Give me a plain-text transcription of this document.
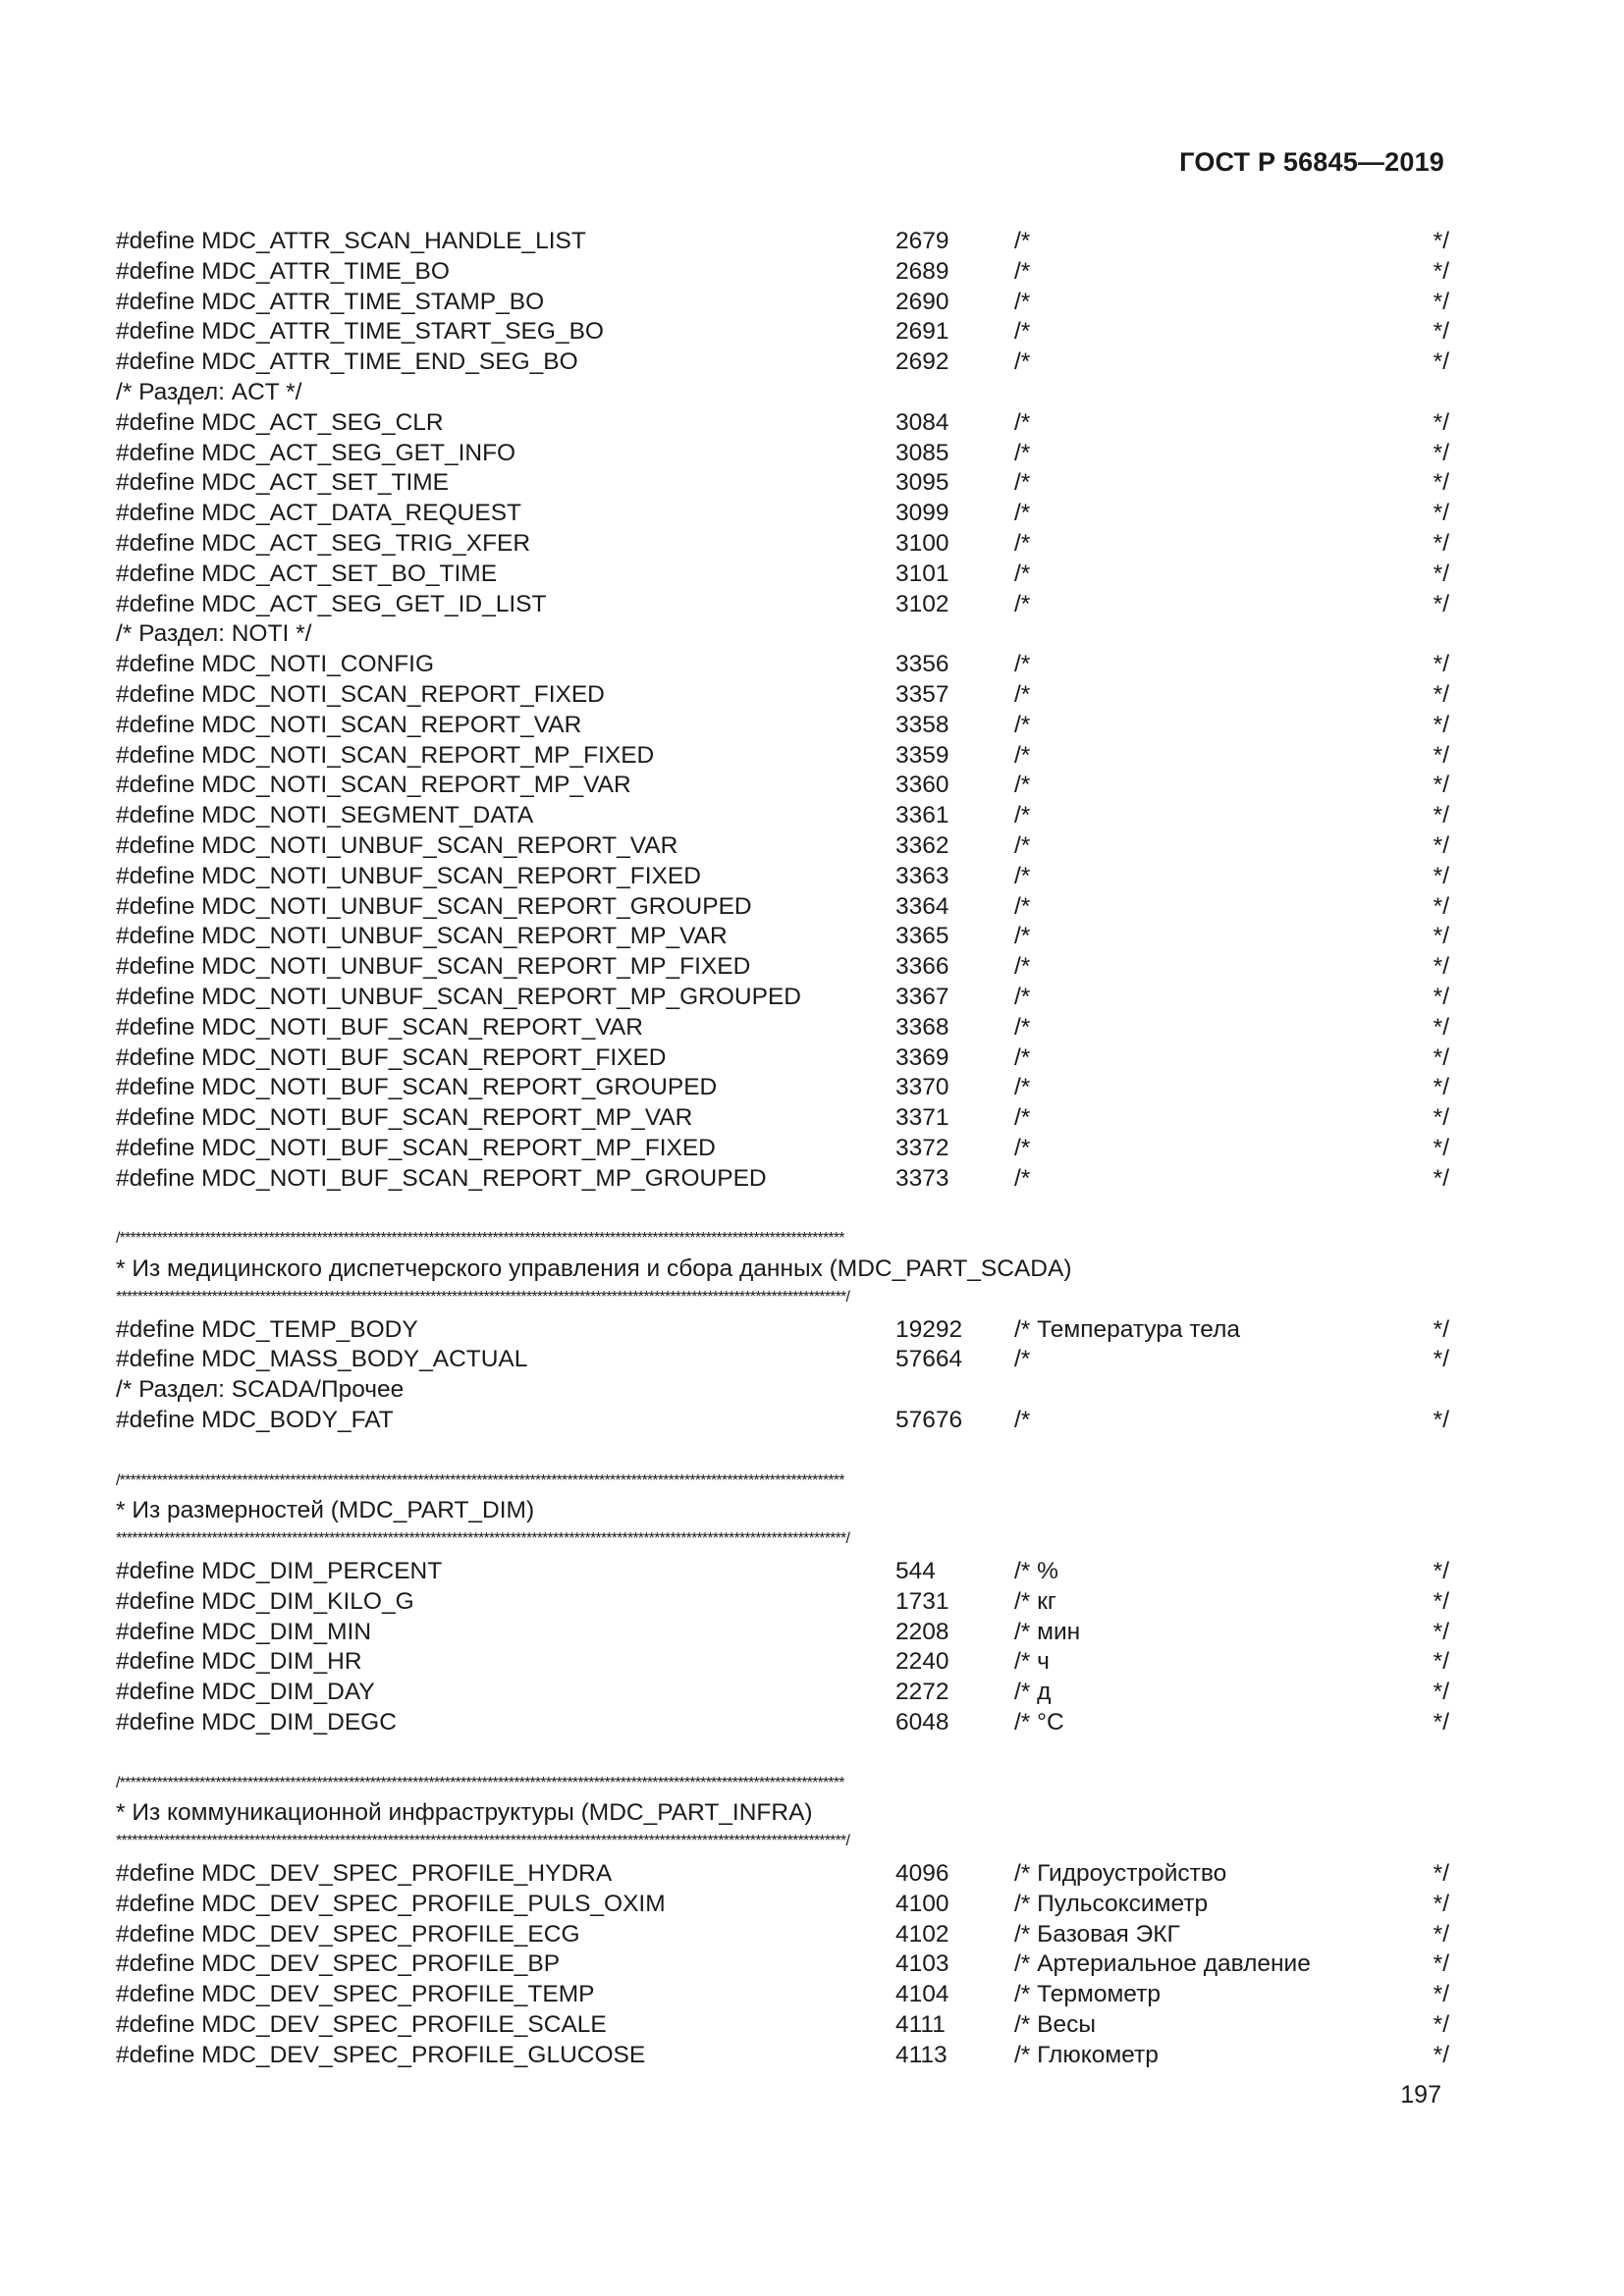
ГОСТ Р 56845—2019
#define MDC_ATTR_SCAN_HANDLE_LIST	2679	/*	*/
#define MDC_ATTR_TIME_BO	2689	/*	*/
#define MDC_ATTR_TIME_STAMP_BO	2690	/*	*/
#define MDC_ATTR_TIME_START_SEG_BO	2691	/*	*/
#define MDC_ATTR_TIME_END_SEG_BO	2692	/*	*/
/* Раздел: ACT */
#define MDC_ACT_SEG_CLR	3084	/*	*/
#define MDC_ACT_SEG_GET_INFO	3085	/*	*/
#define MDC_ACT_SET_TIME	3095	/*	*/
#define MDC_ACT_DATA_REQUEST	3099	/*	*/
#define MDC_ACT_SEG_TRIG_XFER	3100	/*	*/
#define MDC_ACT_SET_BO_TIME	3101	/*	*/
#define MDC_ACT_SEG_GET_ID_LIST	3102	/*	*/
/* Раздел: NOTI */
#define MDC_NOTI_CONFIG	3356	/*	*/
#define MDC_NOTI_SCAN_REPORT_FIXED	3357	/*	*/
#define MDC_NOTI_SCAN_REPORT_VAR	3358	/*	*/
#define MDC_NOTI_SCAN_REPORT_MP_FIXED	3359	/*	*/
#define MDC_NOTI_SCAN_REPORT_MP_VAR	3360	/*	*/
#define MDC_NOTI_SEGMENT_DATA	3361	/*	*/
#define MDC_NOTI_UNBUF_SCAN_REPORT_VAR	3362	/*	*/
#define MDC_NOTI_UNBUF_SCAN_REPORT_FIXED	3363	/*	*/
#define MDC_NOTI_UNBUF_SCAN_REPORT_GROUPED	3364	/*	*/
#define MDC_NOTI_UNBUF_SCAN_REPORT_MP_VAR	3365	/*	*/
#define MDC_NOTI_UNBUF_SCAN_REPORT_MP_FIXED	3366	/*	*/
#define MDC_NOTI_UNBUF_SCAN_REPORT_MP_GROUPED	3367	/*	*/
#define MDC_NOTI_BUF_SCAN_REPORT_VAR	3368	/*	*/
#define MDC_NOTI_BUF_SCAN_REPORT_FIXED	3369	/*	*/
#define MDC_NOTI_BUF_SCAN_REPORT_GROUPED	3370	/*	*/
#define MDC_NOTI_BUF_SCAN_REPORT_MP_VAR	3371	/*	*/
#define MDC_NOTI_BUF_SCAN_REPORT_MP_FIXED	3372	/*	*/
#define MDC_NOTI_BUF_SCAN_REPORT_MP_GROUPED	3373	/*	*/
/****************************************************************************************************************************************
* Из медицинского диспетчерского управления и сбора данных (MDC_PART_SCADA)
*****************************************************************************************************************************************/
#define MDC_TEMP_BODY	19292 /* Температура тела	*/
#define MDC_MASS_BODY_ACTUAL	57664 /*	*/
/* Раздел: SCADA/Прочее
#define MDC_BODY_FAT	57676 /*	*/
/****************************************************************************************************************************************
* Из размерностей (MDC_PART_DIM)
*****************************************************************************************************************************************/
#define MDC_DIM_PERCENT	544	/* %	*/
#define MDC_DIM_KILO_G	1731	/* кг	*/
#define MDC_DIM_MIN	2208	/* мин	*/
#define MDC_DIM_HR	2240	/* ч	*/
#define MDC_DIM_DAY	2272	/* д	*/
#define MDC_DIM_DEGC	6048	/* °С	*/
/****************************************************************************************************************************************
* Из коммуникационной инфраструктуры (MDC_PART_INFRA)
*****************************************************************************************************************************************/
#define MDC_DEV_SPEC_PROFILE_HYDRA	4096	/* Гидроустройство	*/
#define MDC_DEV_SPEC_PROFILE_PULS_OXIM	4100	/* Пульсоксиметр	*/
#define MDC_DEV_SPEC_PROFILE_ECG	4102	/* Базовая ЭКГ	*/
#define MDC_DEV_SPEC_PROFILE_BP	4103	/* Артериальное давление	*/
#define MDC_DEV_SPEC_PROFILE_TEMP	4104	/* Термометр	*/
#define MDC_DEV_SPEC_PROFILE_SCALE	4111	/* Весы	*/
#define MDC_DEV_SPEC_PROFILE_GLUCOSE	4113	/* Глюкометр	*/
197
